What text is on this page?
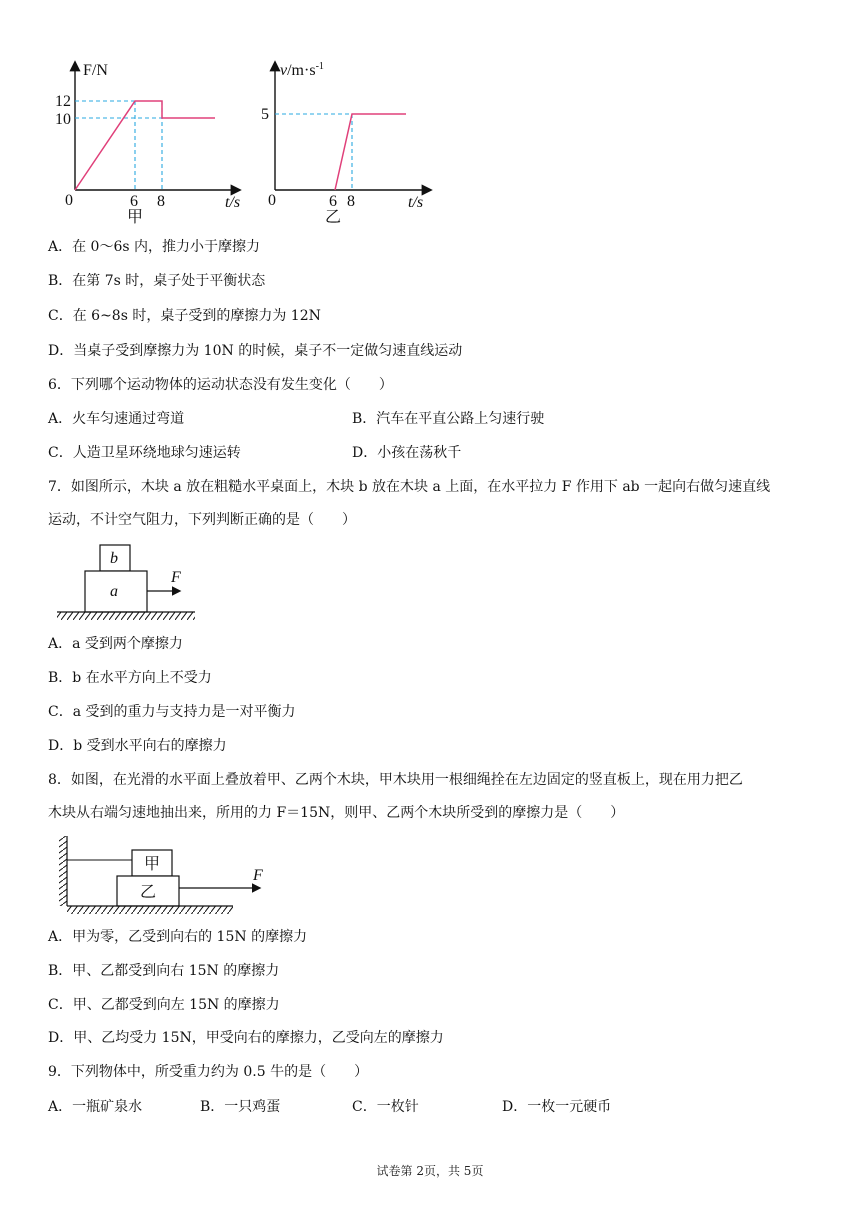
F/N
12
10
0	6 8	t/s
甲
$v/m\cdot s^{-1}$
5
0	6 8	t/s
乙
A．在 0～6s 内，推力小于摩擦力
B．在第 7s 时，桌子处于平衡状态
C．在 6~8s 时，桌子受到的摩擦力为 12N
D．当桌子受到摩擦力为 10N 的时候，桌子不一定做匀速直线运动
6．下列哪个运动物体的运动状态没有发生变化（　　）
A．火车匀速通过弯道	B．汽车在平直公路上匀速行驶
C．人造卫星环绕地球匀速运转	D．小孩在荡秋千
7．如图所示，木块 a 放在粗糙水平桌面上，木块 b 放在木块 a 上面，在水平拉力 F 作用下 ab 一起向右做匀速直线
运动，不计空气阻力，下列判断正确的是（　　）
b
a
F
A．a 受到两个摩擦力
B．b 在水平方向上不受力
C．a 受到的重力与支持力是一对平衡力
D．b 受到水平向右的摩擦力
8．如图，在光滑的水平面上叠放着甲、乙两个木块，甲木块用一根细绳拴在左边固定的竖直板上，现在用力把乙
木块从右端匀速地抽出来，所用的力 F＝15N，则甲、乙两个木块所受到的摩擦力是（　　）
甲
乙
F
A．甲为零，乙受到向右的 15N 的摩擦力
B．甲、乙都受到向右 15N 的摩擦力
C．甲、乙都受到向左 15N 的摩擦力
D．甲、乙均受力 15N，甲受向右的摩擦力，乙受向左的摩擦力
9．下列物体中，所受重力约为 0.5 牛的是（　　）
A．一瓶矿泉水	B．一只鸡蛋	C．一枚针	D．一枚一元硬币
试卷第 2页，共 5页
